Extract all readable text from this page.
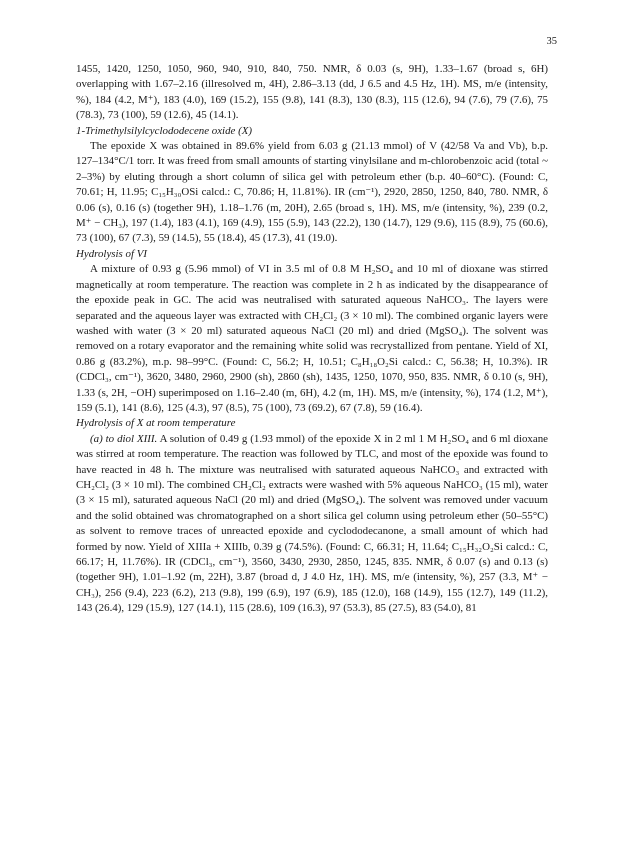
35

1455, 1420, 1250, 1050, 960, 940, 910, 840, 750. NMR, δ 0.03 (s, 9H), 1.33–1.67 (broad s, 6H) overlapping with 1.67–2.16 (illresolved m, 4H), 2.86–3.13 (dd, J 6.5 and 4.5 Hz, 1H). MS, m/e (intensity, %), 184 (4.2, M⁺), 183 (4.0), 169 (15.2), 155 (9.8), 141 (8.3), 130 (8.3), 115 (12.6), 94 (7.6), 79 (7.6), 75 (78.3), 73 (100), 59 (12.6), 45 (14.1).

1-Trimethylsilylcyclododecene oxide (X)

The epoxide X was obtained in 89.6% yield from 6.03 g (21.13 mmol) of V (42/58 Va and Vb), b.p. 127–134°C/1 torr. It was freed from small amounts of starting vinylsilane and m-chlorobenzoic acid (total ~ 2–3%) by eluting through a short column of silica gel with petroleum ether (b.p. 40–60°C). (Found: C, 70.61; H, 11.95; C₁₅H₃₀OSi calcd.: C, 70.86; H, 11.81%). IR (cm⁻¹), 2920, 2850, 1250, 840, 780. NMR, δ 0.06 (s), 0.16 (s) (together 9H), 1.18–1.76 (m, 20H), 2.65 (broad s, 1H). MS, m/e (intensity, %), 239 (0.2, M⁺ − CH₃), 197 (1.4), 183 (4.1), 169 (4.9), 155 (5.9), 143 (22.2), 130 (14.7), 129 (9.6), 115 (8.9), 75 (60.6), 73 (100), 67 (7.3), 59 (14.5), 55 (18.4), 45 (17.3), 41 (19.0).

Hydrolysis of VI

A mixture of 0.93 g (5.96 mmol) of VI in 3.5 ml of 0.8 M H₂SO₄ and 10 ml of dioxane was stirred magnetically at room temperature. The reaction was complete in 2 h as indicated by the disappearance of the epoxide peak in GC. The acid was neutralised with saturated aqueous NaHCO₃. The layers were separated and the aqueous layer was extracted with CH₂Cl₂ (3 × 10 ml). The combined organic layers were washed with water (3 × 20 ml) saturated aqueous NaCl (20 ml) and dried (MgSO₄). The solvent was removed on a rotary evaporator and the remaining white solid was recrystallized from pentane. Yield of XI, 0.86 g (83.2%), m.p. 98–99°C. (Found: C, 56.2; H, 10.51; C₈H₁₈O₂Si calcd.: C, 56.38; H, 10.3%). IR (CDCl₃, cm⁻¹), 3620, 3480, 2960, 2900 (sh), 2860 (sh), 1435, 1250, 1070, 950, 835. NMR, δ 0.10 (s, 9H), 1.33 (s, 2H, −OH) superimposed on 1.16–2.40 (m, 6H), 4.2 (m, 1H). MS, m/e (intensity, %), 174 (1.2, M⁺), 159 (5.1), 141 (8.6), 125 (4.3), 97 (8.5), 75 (100), 73 (69.2), 67 (7.8), 59 (16.4).

Hydrolysis of X at room temperature

(a) to diol XIII. A solution of 0.49 g (1.93 mmol) of the epoxide X in 2 ml 1 M H₂SO₄ and 6 ml dioxane was stirred at room temperature. The reaction was followed by TLC, and most of the epoxide was found to have reacted in 48 h. The mixture was neutralised with saturated aqueous NaHCO₃ and extracted with CH₂Cl₂ (3 × 10 ml). The combined CH₂Cl₂ extracts were washed with 5% aqueous NaHCO₃ (15 ml), water (3 × 15 ml), saturated aqueous NaCl (20 ml) and dried (MgSO₄). The solvent was removed under vacuum and the solid obtained was chromatographed on a short silica gel column using petroleum ether (50–55°C) as solvent to remove traces of unreacted epoxide and cyclododecanone, a small amount of which had formed by now. Yield of XIIIa + XIIIb, 0.39 g (74.5%). (Found: C, 66.31; H, 11.64; C₁₅H₃₂O₂Si calcd.: C, 66.17; H, 11.76%). IR (CDCl₃, cm⁻¹), 3560, 3430, 2930, 2850, 1245, 835. NMR, δ 0.07 (s) and 0.13 (s)(together 9H), 1.01–1.92 (m, 22H), 3.87 (broad d, J 4.0 Hz, 1H). MS, m/e (intensity, %), 257 (3.3, M⁺ − CH₃), 256 (9.4), 223 (6.2), 213 (9.8), 199 (6.9), 197 (6.9), 185 (12.0), 168 (14.9), 155 (12.7), 149 (11.2), 143 (26.4), 129 (15.9), 127 (14.1), 115 (28.6), 109 (16.3), 97 (53.3), 85 (27.5), 83 (54.0), 81
